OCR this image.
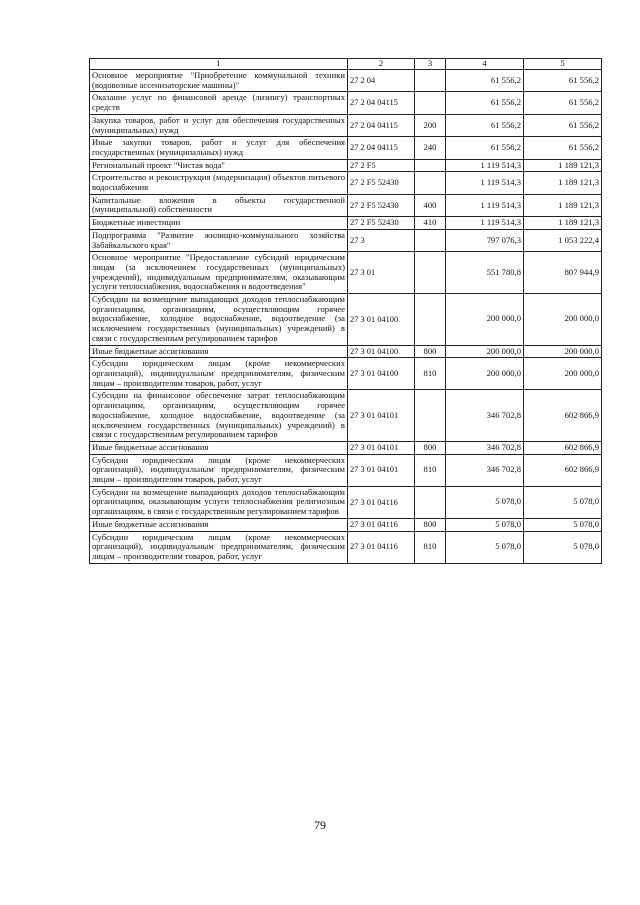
1	2	3	4	5
Основное мероприятие "Приобретение коммунальной техники (водовозные ассенизаторские машины)"	27 2 04		61 556,2	61 556,2
Оказание услуг по финансовой аренде (лизингу) транспортных средств	27 2 04 04115		61 556,2	61 556,2
Закупка товаров, работ и услуг для обеспечения государственных (муниципальных) нужд	27 2 04 04115	200	61 556,2	61 556,2
Иные закупки товаров, работ и услуг для обеспечения государственных (муниципальных) нужд	27 2 04 04115	240	61 556,2	61 556,2
Региональный проект "Чистая вода"	27 2 F5		1 119 514,3	1 189 121,3
Строительство и реконструкция (модернизация) объектов питьевого водоснабжения	27 2 F5 52430		1 119 514,3	1 189 121,3
Капитальные вложения в объекты государственной (муниципальной) собственности	27 2 F5 52430	400	1 119 514,3	1 189 121,3
Бюджетные инвестиции	27 2 F5 52430	410	1 119 514,3	1 189 121,3
Подпрограмма "Развитие жилищно-коммунального хозяйства Забайкальского края"	27 3		797 076,3	1 053 222,4
Основное мероприятие "Предоставление субсидий юридическим лицам (за исключением государственных (муниципальных) учреждений), индивидуальным предпринимателям, оказывающим услуги теплоснабжения, водоснабжения и водоотведения"	27 3 01		551 780,8	807 944,9
Субсидии на возмещение выпадающих доходов теплоснабжающим организациям, организациям, осуществляющим горячее водоснабжение, холодное водоснабжение, водоотведение (за исключением государственных (муниципальных) учреждений) в связи с государственным регулированием тарифов	27 3 01 04100		200 000,0	200 000,0
Иные бюджетные ассигнования	27 3 01 04100	800	200 000,0	200 000,0
Субсидии юридическим лицам (кроме некоммерческих организаций), индивидуальным предпринимателям, физическим лицам – производителям товаров, работ, услуг	27 3 01 04100	810	200 000,0	200 000,0
Субсидии на финансовое обеспечение затрат теплоснабжающим организациям, организациям, осуществляющим горячее водоснабжение, холодное водоснабжение, водоотведение (за исключением государственных (муниципальных) учреждений) в связи с государственным регулированием тарифов	27 3 01 04101		346 702,8	602 866,9
Иные бюджетные ассигнования	27 3 01 04101	800	346 702,8	602 866,9
Субсидии юридическим лицам (кроме некоммерческих организаций), индивидуальным предпринимателям, физическим лицам – производителям товаров, работ, услуг	27 3 01 04101	810	346 702,8	602 866,9
Субсидии на возмещение выпадающих доходов теплоснабжающим организациям, оказывающим услуги теплоснабжения религиозным организациям, в связи с государственным регулированием тарифов	27 3 01 04116		5 078,0	5 078,0
Иные бюджетные ассигнования	27 3 01 04116	800	5 078,0	5 078,0
Субсидии юридическим лицам (кроме некоммерческих организаций), индивидуальным предпринимателям, физическим лицам – производителям товаров, работ, услуг	27 3 01 04116	810	5 078,0	5 078,0
79
